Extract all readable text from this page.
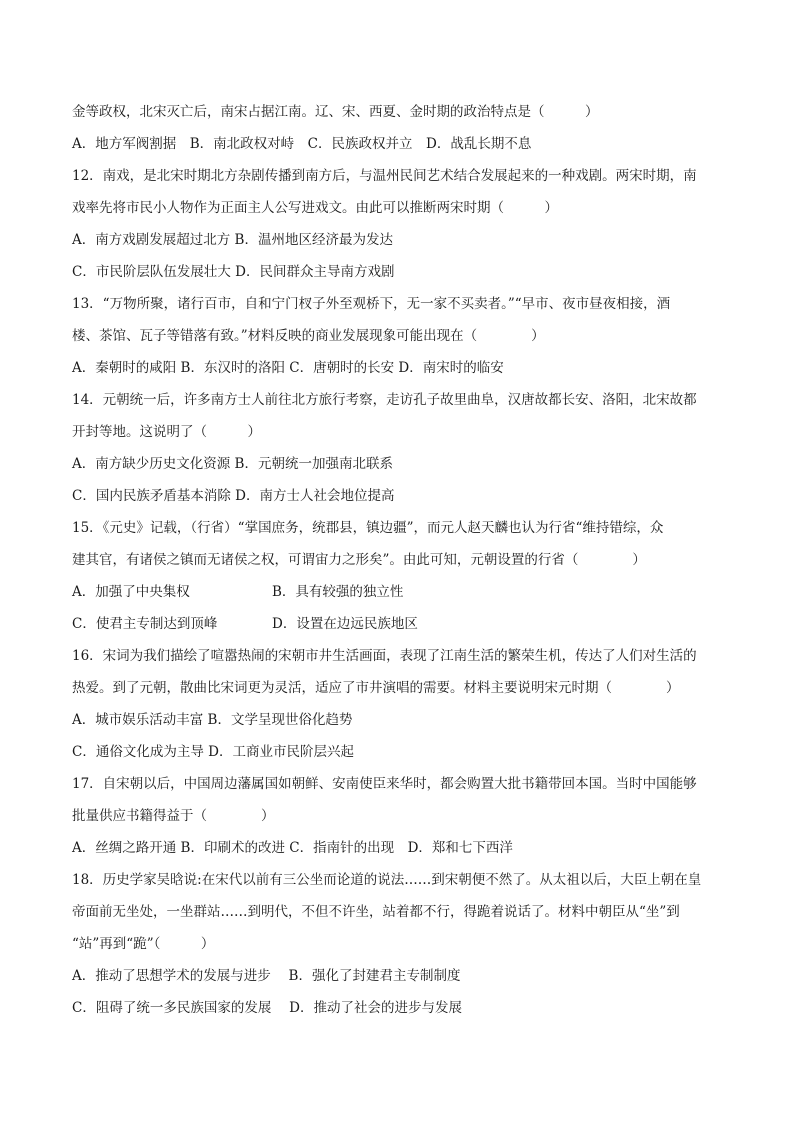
金等政权，北宋灭亡后，南宋占据江南。辽、宋、西夏、金时期的政治特点是（　　　）
A．地方军阀割据　B．南北政权对峙　C．民族政权并立　D．战乱长期不息
12．南戏，是北宋时期北方杂剧传播到南方后，与温州民间艺术结合发展起来的一种戏剧。两宋时期，南
戏率先将市民小人物作为正面主人公写进戏文。由此可以推断两宋时期（　　　）
A．南方戏剧发展超过北方 B．温州地区经济最为发达
C．市民阶层队伍发展壮大 D．民间群众主导南方戏剧
13．“万物所聚，诸行百市，自和宁门杈子外至观桥下，无一家不买卖者。”“早市、夜市昼夜相接，酒
楼、茶馆、瓦子等错落有致。”材料反映的商业发展现象可能出现在（　　　　）
A．秦朝时的咸阳 B．东汉时的洛阳 C．唐朝时的长安 D．南宋时的临安
14．元朝统一后，许多南方士人前往北方旅行考察，走访孔子故里曲阜，汉唐故都长安、洛阳，北宋故都
开封等地。这说明了（　　　）
A．南方缺少历史文化资源 B．元朝统一加强南北联系
C．国内民族矛盾基本消除 D．南方士人社会地位提高
15．《元史》记载，（行省）“掌国庶务，统郡县，镇边疆”，而元人赵天麟也认为行省“维持错综，众
建其官，有诸侯之镇而无诸侯之权，可谓宙力之形矣”。由此可知，元朝设置的行省（　　　　）
A．加强了中央集权	B．具有较强的独立性
C．使君主专制达到顶峰	D．设置在边远民族地区
16．宋词为我们描绘了喧嚣热闹的宋朝市井生活画面，表现了江南生活的繁荣生机，传达了人们对生活的
热爱。到了元朝，散曲比宋词更为灵活，适应了市井演唱的需要。材料主要说明宋元时期（　　　　）
A．城市娱乐活动丰富 B．文学呈现世俗化趋势
C．通俗文化成为主导 D．工商业市民阶层兴起
17．自宋朝以后，中国周边藩属国如朝鲜、安南使臣来华时，都会购置大批书籍带回本国。当时中国能够
批量供应书籍得益于（　　　　）
A．丝绸之路开通 B．印刷术的改进 C．指南针的出现　D．郑和七下西洋
18．历史学家吴晗说:在宋代以前有三公坐而论道的说法……到宋朝便不然了。从太祖以后，大臣上朝在皇
帝面前无坐处，一坐群站……到明代，不但不许坐，站着都不行，得跪着说话了。材料中朝臣从“坐”到
“站”再到“跪”（　　　）
A．推动了思想学术的发展与进步　 B．强化了封建君主专制制度
C．阻碍了统一多民族国家的发展　 D．推动了社会的进步与发展
